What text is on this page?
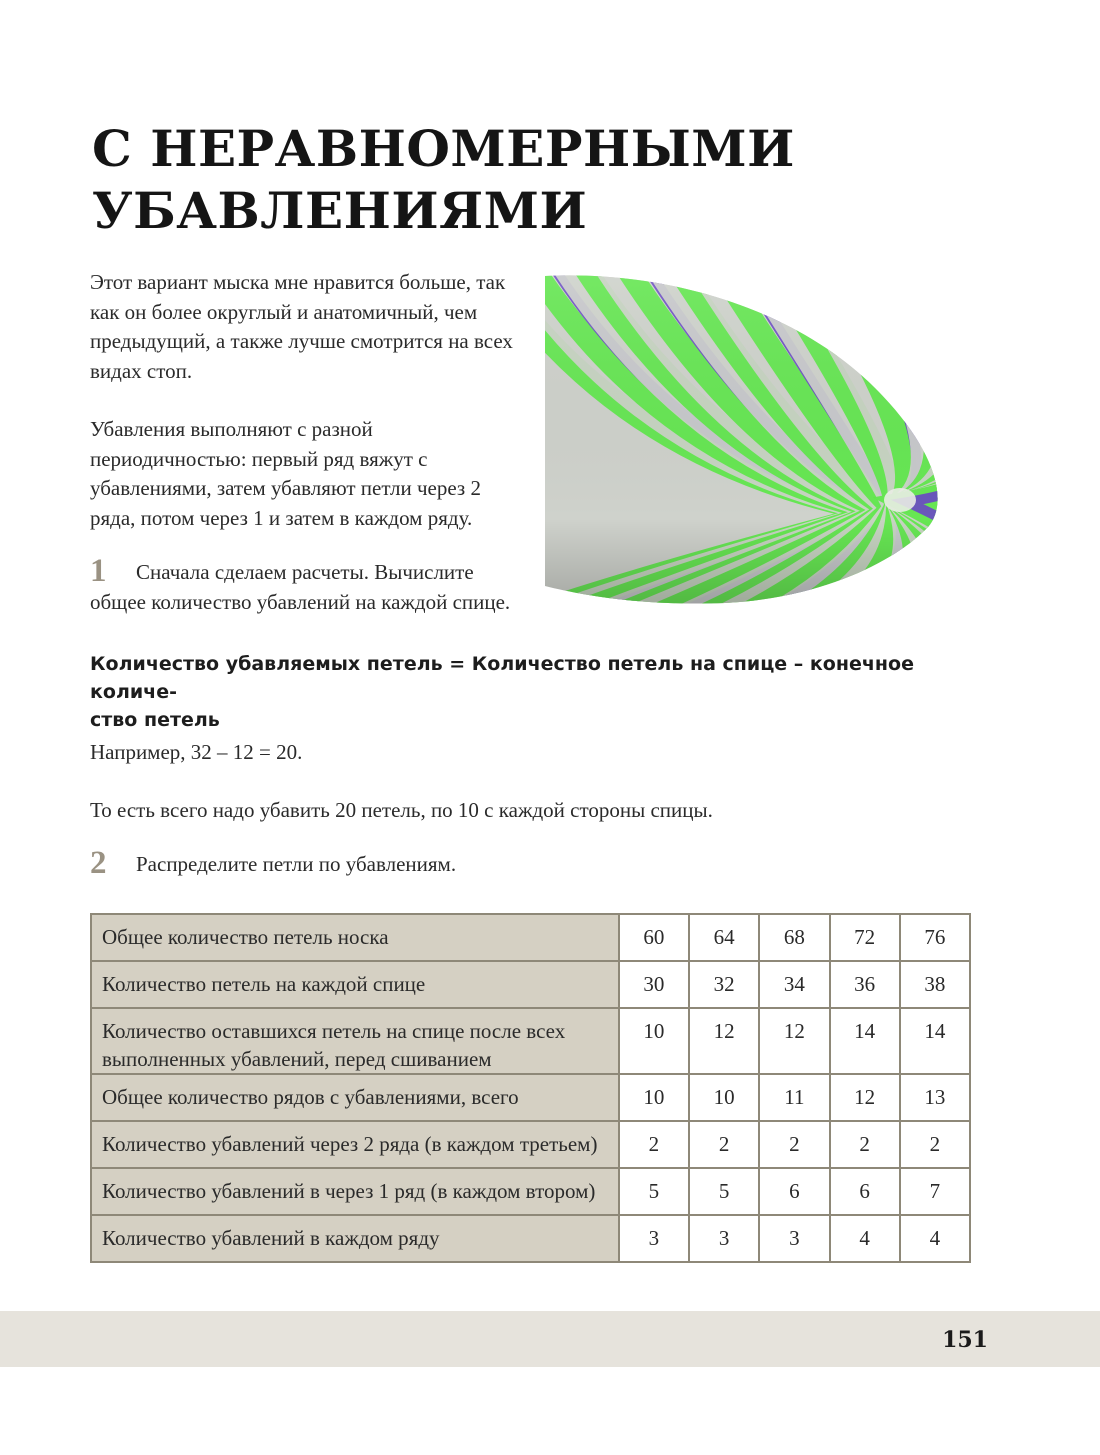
С НЕРАВНОМЕРНЫМИ
УБАВЛЕНИЯМИ

Этот вариант мыска мне нравится больше, так как он более округлый и анатомичный, чем предыдущий, а также лучше смотрится на всех видах стоп.

Убавления выполняют с разной периодичностью: первый ряд вяжут с убавлениями, затем убавляют петли через 2 ряда, потом через 1 и затем в каждом ряду.

1 Сначала сделаем расчеты. Вычислите общее количество убавлений на каждой спице.
Количество убавляемых петель = Количество петель на спице – конечное количе-
ство петель
Например, 32 – 12 = 20.
То есть всего надо убавить 20 петель, по 10 с каждой стороны спицы.
2 Распределите петли по убавлениям.
Общее количество петель носка	60	64	68	72	76
Количество петель на каждой спице	30	32	34	36	38
Количество оставшихся петель на спице после всех выполненных убавлений, перед сшиванием	10	12	12	14	14
Общее количество рядов с убавлениями, всего	10	10	11	12	13
Количество убавлений через 2 ряда (в каждом третьем)	2	2	2	2	2
Количество убавлений в через 1 ряд (в каждом втором)	5	5	6	6	7
Количество убавлений в каждом ряду	3	3	3	4	4
151
